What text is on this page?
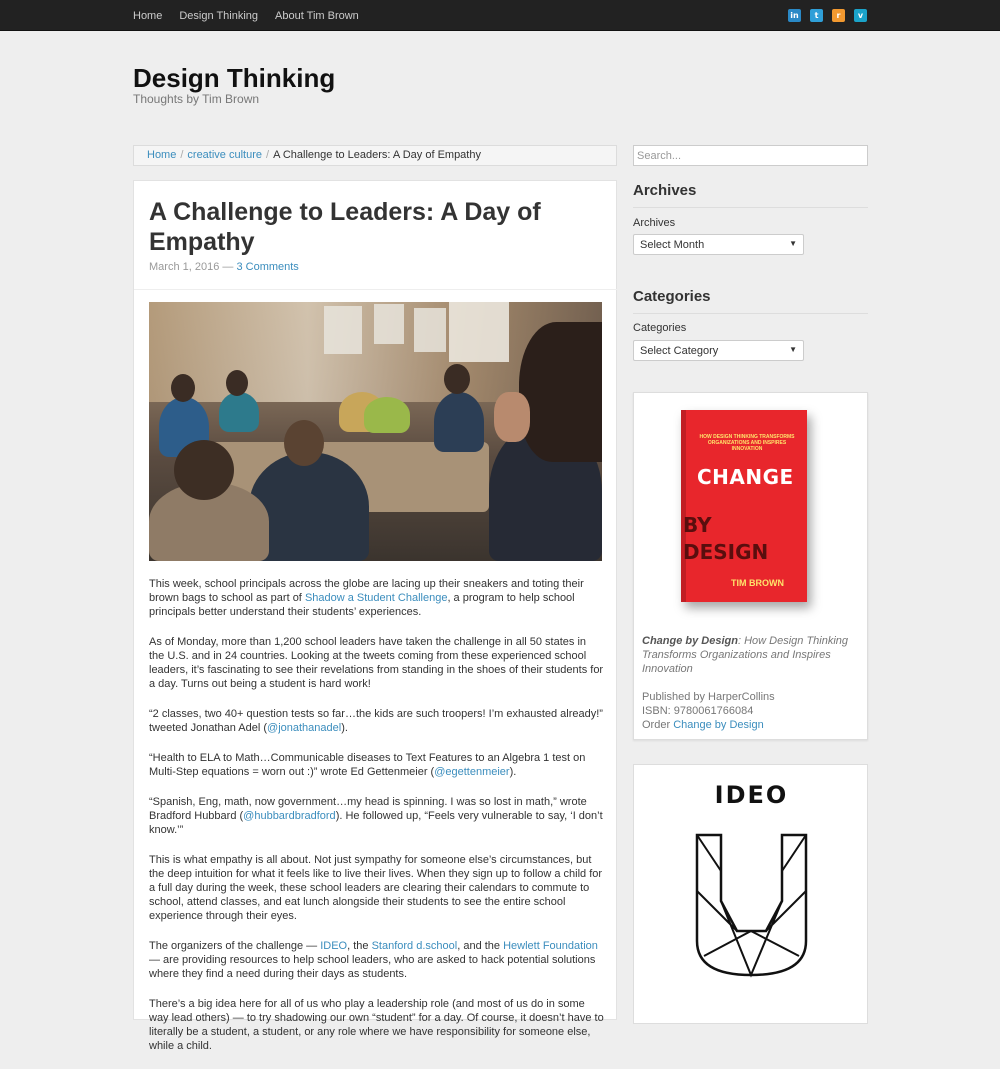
Home Design Thinking About Tim Brown	in	t	r	v
Design Thinking
Thoughts by Tim Brown
Home / creative culture / A Challenge to Leaders: A Day of Empathy
A Challenge to Leaders: A Day of Empathy
March 1, 2016 — 3 Comments

This week, school principals across the globe are lacing up their sneakers and toting their brown bags to school as part of Shadow a Student Challenge, a program to help school principals better understand their students’ experiences.

As of Monday, more than 1,200 school leaders have taken the challenge in all 50 states in the U.S. and in 24 countries. Looking at the tweets coming from these experienced school leaders, it’s fascinating to see their revelations from standing in the shoes of their students for a day. Turns out being a student is hard work!

“2 classes, two 40+ question tests so far…the kids are such troopers! I’m exhausted already!” tweeted Jonathan Adel (@jonathanadel).

“Health to ELA to Math…Communicable diseases to Text Features to an Algebra 1 test on Multi-Step equations = worn out :)” wrote Ed Gettenmeier (@egettenmeier).

“Spanish, Eng, math, now government…my head is spinning. I was so lost in math,” wrote Bradford Hubbard (@hubbardbradford). He followed up, “Feels very vulnerable to say, ‘I don’t know.’”

This is what empathy is all about. Not just sympathy for someone else’s circumstances, but the deep intuition for what it feels like to live their lives. When they sign up to follow a child for a full day during the week, these school leaders are clearing their calendars to commute to school, attend classes, and eat lunch alongside their students to see the entire school experience through their eyes.

The organizers of the challenge — IDEO, the Stanford d.school, and the Hewlett Foundation — are providing resources to help school leaders, who are asked to hack potential solutions where they find a need during their days as students.

There’s a big idea here for all of us who play a leadership role (and most of us do in some way lead others) — to try shadowing our own “student” for a day. Of course, it doesn’t have to literally be a student, a student, or any role where we have responsibility for someone else, while a child.

Search...
Archives
Archives
Select Month	▼
Categories
Categories
Select Category	▼
HOW DESIGN THINKING TRANSFORMS ORGANIZATIONS AND INSPIRES INNOVATION
CHANGE
BY
DESIGN
TIM BROWN
Change by Design: How Design Thinking Transforms Organizations and Inspires Innovation
Published by HarperCollins
ISBN: 9780061766084
Order Change by Design
IDEO
